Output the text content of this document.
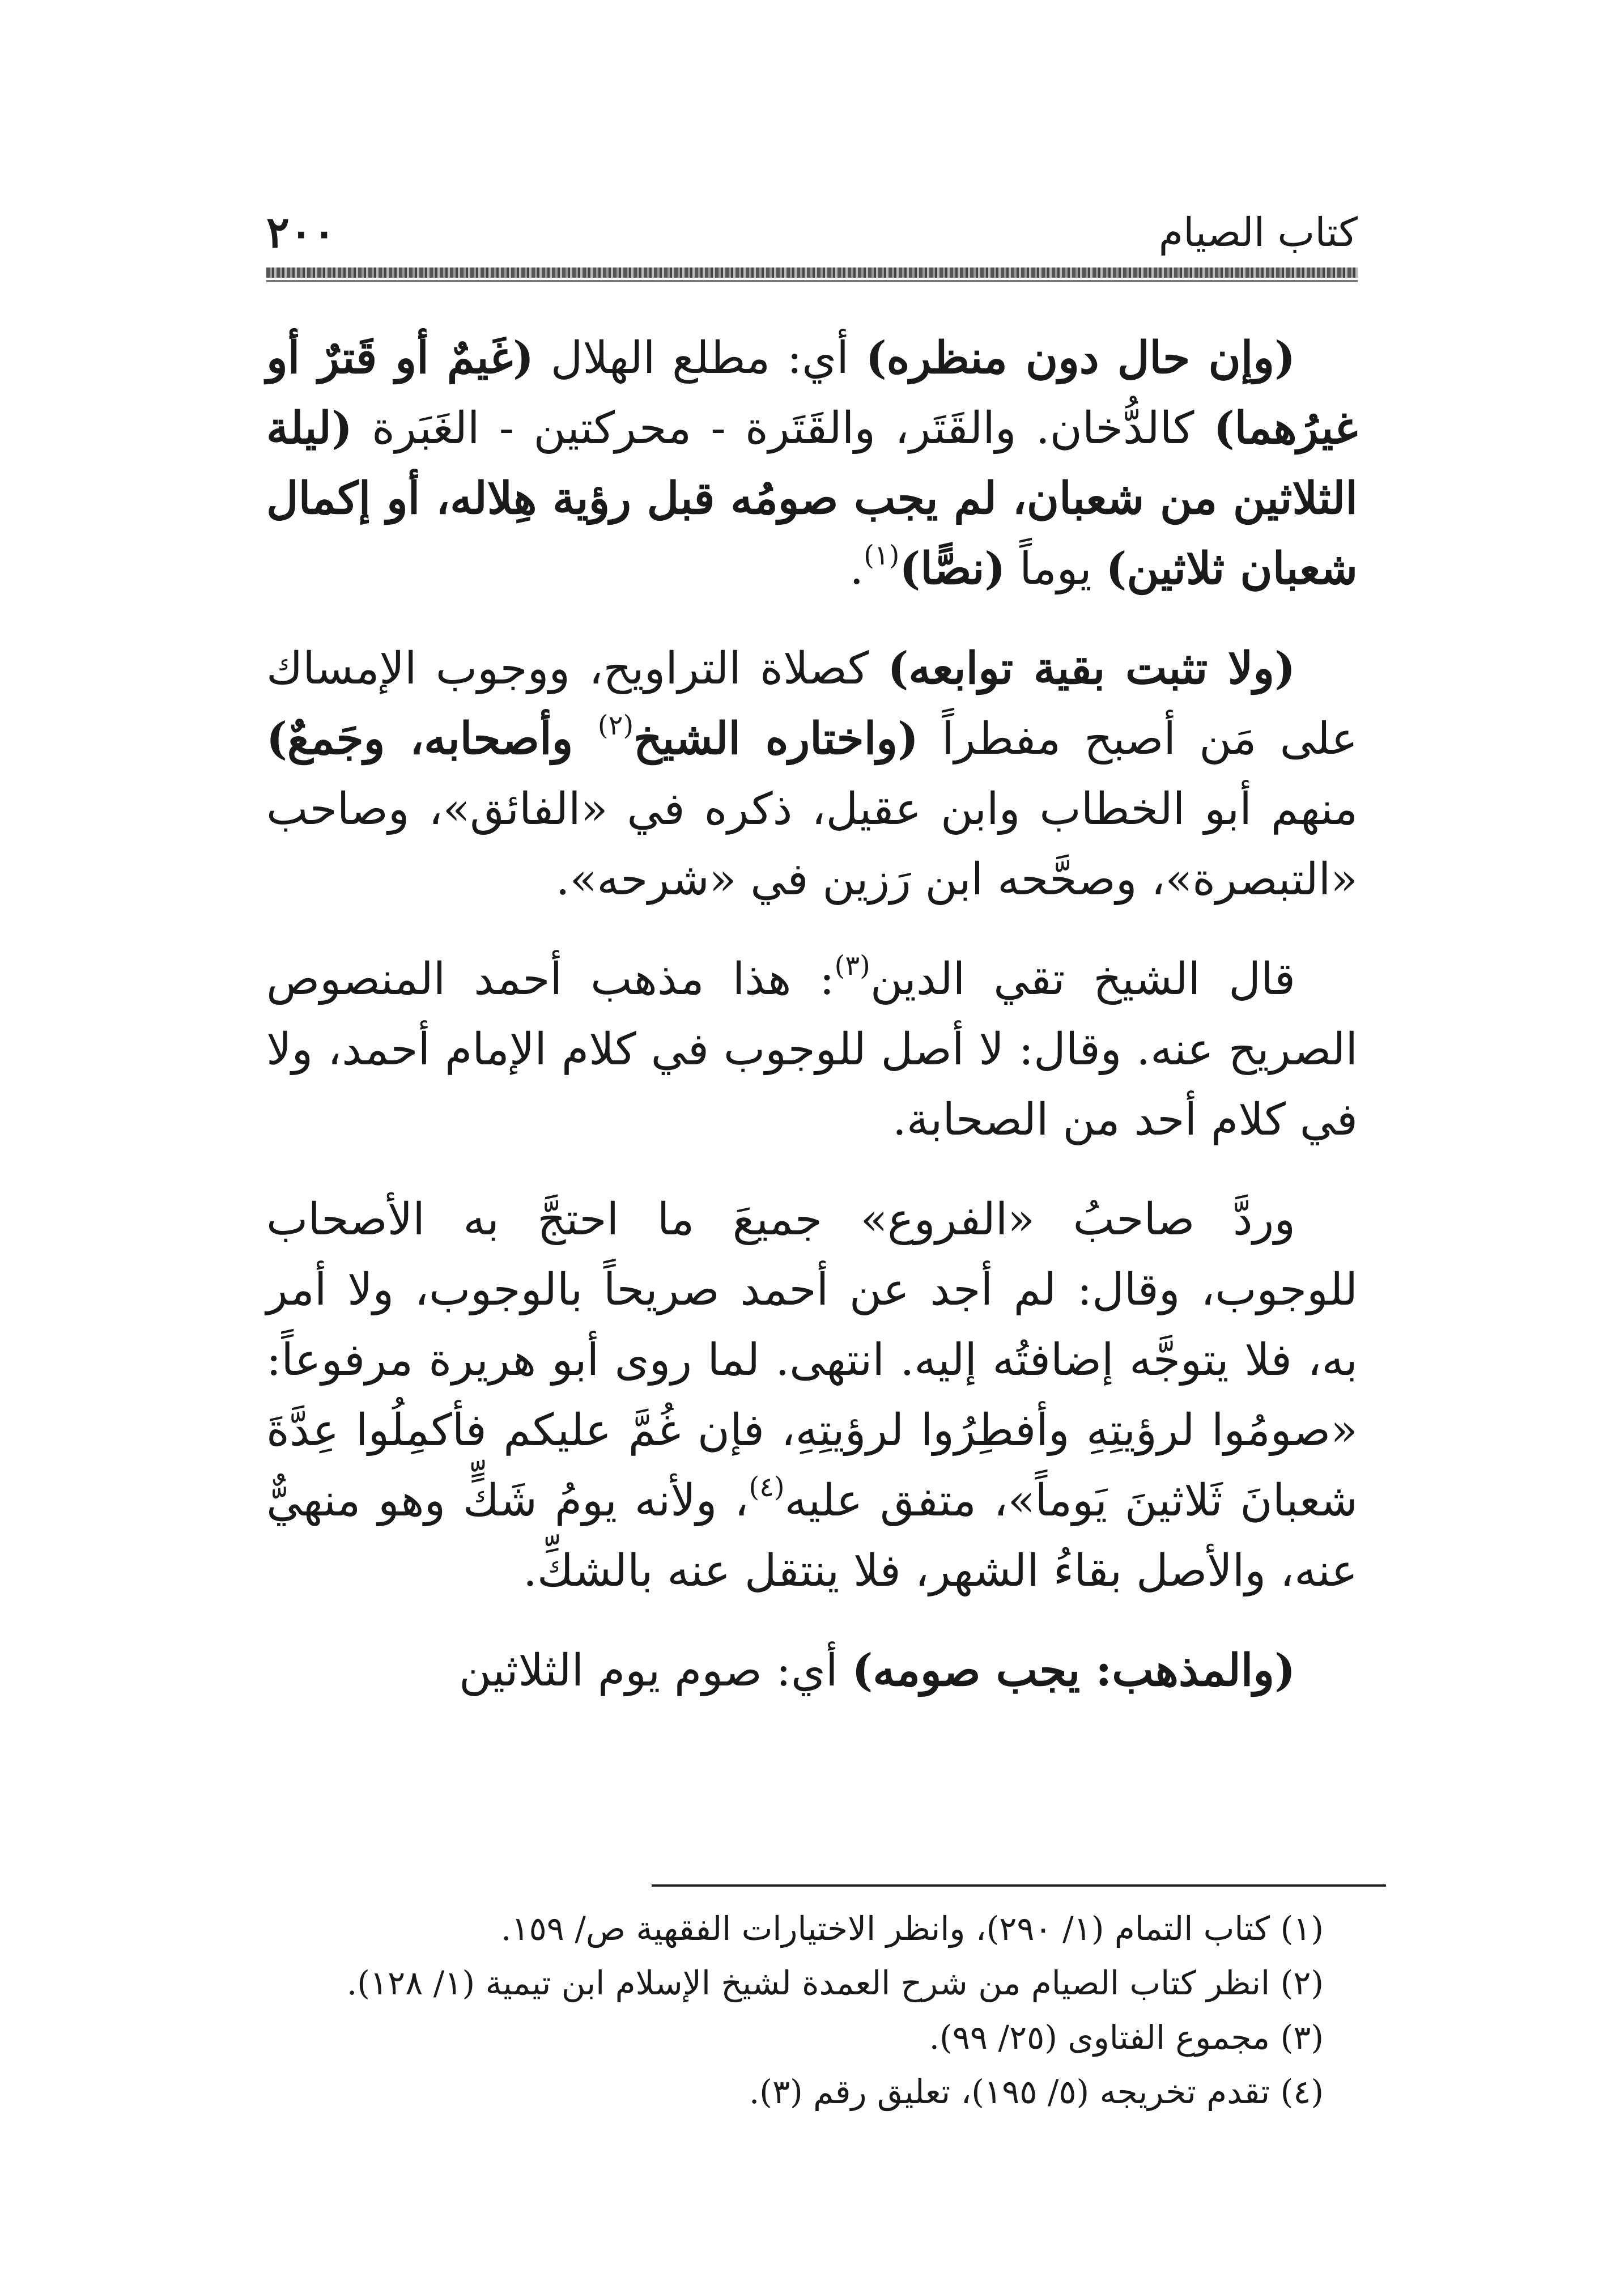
كتاب الصيام
٢٠٠

(وإن حال دون منظره) أي: مطلع الهلال (غَيمٌ أو قَترٌ أو غيرُهما) كالدُّخان. والقَتَر، والقَتَرة - محركتين - الغَبَرة (ليلة الثلاثين من شعبان، لم يجب صومُه قبل رؤية هِلاله، أو إكمال شعبان ثلاثين) يوماً (نصًّا)$^{(١)}$.

(ولا تثبت بقية توابعه) كصلاة التراويح، ووجوب الإمساك على مَن أصبح مفطراً (واختاره الشيخ$^{(٢)}$ وأصحابه، وجَمعٌ) منهم أبو الخطاب وابن عقيل، ذكره في «الفائق»، وصاحب «التبصرة»، وصحَّحه ابن رَزين في «شرحه».

قال الشيخ تقي الدين$^{(٣)}$: هذا مذهب أحمد المنصوص الصريح عنه. وقال: لا أصل للوجوب في كلام الإمام أحمد، ولا في كلام أحد من الصحابة.

وردَّ صاحبُ «الفروع» جميعَ ما احتجَّ به الأصحاب للوجوب، وقال: لم أجد عن أحمد صريحاً بالوجوب، ولا أمر به، فلا يتوجَّه إضافتُه إليه. انتهى. لما روى أبو هريرة مرفوعاً: «صومُوا لرؤيتِهِ وأفطِرُوا لرؤيتِهِ، فإن غُمَّ عليكم فأكمِلُوا عِدَّةَ شعبانَ ثَلاثينَ يَوماً»، متفق عليه$^{(٤)}$، ولأنه يومُ شَكٍّ وهو منهيٌّ عنه، والأصل بقاءُ الشهر، فلا ينتقل عنه بالشكِّ.

(والمذهب: يجب صومه) أي: صوم يوم الثلاثين

(١) كتاب التمام (١/ ٢٩٠)، وانظر الاختيارات الفقهية ص/ ١٥٩.

(٢) انظر كتاب الصيام من شرح العمدة لشيخ الإسلام ابن تيمية (١/ ١٢٨).

(٣) مجموع الفتاوى (٢٥/ ٩٩).

(٤) تقدم تخريجه (٥/ ١٩٥)، تعليق رقم (٣).
